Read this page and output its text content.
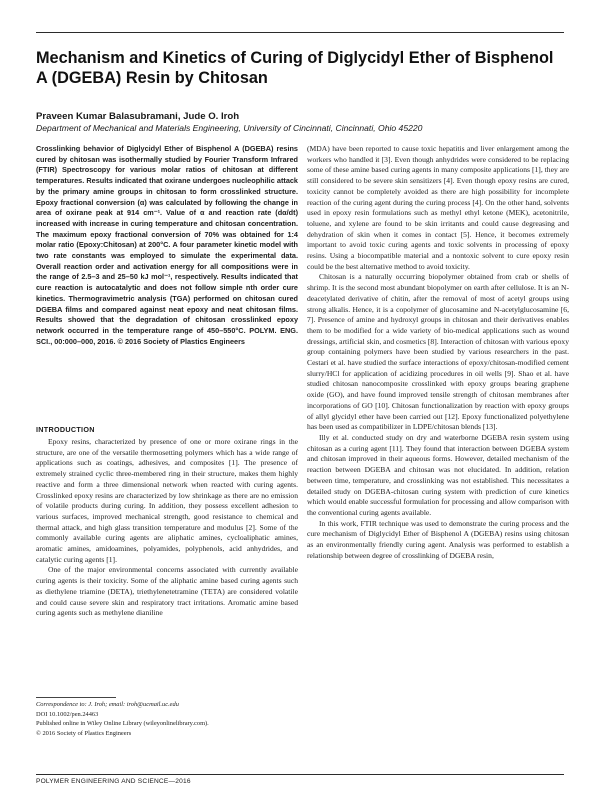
Mechanism and Kinetics of Curing of Diglycidyl Ether of Bisphenol A (DGEBA) Resin by Chitosan

Praveen Kumar Balasubramani, Jude O. Iroh

Department of Mechanical and Materials Engineering, University of Cincinnati, Cincinnati, Ohio 45220

Crosslinking behavior of Diglycidyl Ether of Bisphenol A (DGEBA) resins cured by chitosan was isothermally studied by Fourier Transform Infrared (FTIR) Spectroscopy for various molar ratios of chitosan at different temperatures. Results indicated that oxirane undergoes nucleophilic attack by the primary amine groups in chitosan to form crosslinked structure. Epoxy fractional conversion (α) was calculated by following the change in area of oxirane peak at 914 cm⁻¹. Value of α and reaction rate (dα/dt) increased with increase in curing temperature and chitosan concentration. The maximum epoxy fractional conversion of 70% was obtained for 1:4 molar ratio (Epoxy:Chitosan) at 200°C. A four parameter kinetic model with two rate constants was employed to simulate the experimental data. Overall reaction order and activation energy for all compositions were in the range of 2.5–3 and 25–50 kJ mol⁻¹, respectively. Results indicated that cure reaction is autocatalytic and does not follow simple nth order cure kinetics. Thermogravimetric analysis (TGA) performed on chitosan cured DGEBA films and compared against neat epoxy and neat chitosan films. Results showed that the degradation of chitosan crosslinked epoxy network occurred in the temperature range of 450–550°C. POLYM. ENG. SCI., 00:000–000, 2016. © 2016 Society of Plastics Engineers

INTRODUCTION

Epoxy resins, characterized by presence of one or more oxirane rings in the structure, are one of the versatile thermosetting polymers which has a wide range of applications such as coatings, adhesives, and composites [1]. The presence of extremely strained cyclic three-membered ring in their structure, makes them highly reactive and form a three dimensional network when reacted with curing agents. Crosslinked epoxy resins are characterized by low shrinkage as there are no emission of volatile products during curing. In addition, they possess excellent adhesion to various surfaces, improved mechanical strength, good resistance to chemical and thermal attack, and high glass transition temperature and modulus [2]. Some of the commonly available curing agents are aliphatic amines, cycloaliphatic amines, aromatic amines, amidoamines, polyamides, polyphenols, acid anhydrides, and catalytic curing agents [1].

One of the major environmental concerns associated with currently available curing agents is their toxicity. Some of the aliphatic amine based curing agents such as diethylene triamine (DETA), triethylenetetramine (TETA) are considered volatile and could cause severe skin and respiratory tract irritations. Aromatic amine based curing agents such as methylene dianiline

Correspondence to: J. Iroh; email: iroh@ucmail.uc.edu
DOI 10.1002/pen.24463
Published online in Wiley Online Library (wileyonlinelibrary.com).
© 2016 Society of Plastics Engineers

(MDA) have been reported to cause toxic hepatitis and liver enlargement among the workers who handled it [3]. Even though anhydrides were considered to be replacing some of these amine based curing agents in many composite applications [1], they are still considered to be severe skin sensitizers [4]. Even though epoxy resins are cured, toxicity cannot be completely avoided as there are high possibility for incomplete reaction of the curing agent during the curing process [4]. On the other hand, solvents used in epoxy resin formulations such as methyl ethyl ketone (MEK), acetonitrile, toluene, and xylene are found to be skin irritants and could cause degreasing and dehydration of skin when it comes in contact [5]. Hence, it becomes extremely important to avoid toxic curing agents and toxic solvents in processing of epoxy resins. Using a biocompatible material and a nontoxic solvent to cure epoxy resin could be the best alternative method to avoid toxicity.

Chitosan is a naturally occurring biopolymer obtained from crab or shells of shrimp. It is the second most abundant biopolymer on earth after cellulose. It is an N-deacetylated derivative of chitin, after the removal of most of acetyl groups using strong alkalis. Hence, it is a copolymer of glucosamine and N-acetylglucosamine [6, 7]. Presence of amine and hydroxyl groups in chitosan and their derivatives enables them to be modified for a wide variety of bio-medical applications such as wound dressings, artificial skin, and cosmetics [8]. Interaction of chitosan with various epoxy group containing polymers have been studied by various researchers in the past. Cestari et al. have studied the surface interactions of epoxy/chitosan-modified cement slurry/HCl for application of acidizing procedures in oil wells [9]. Shao et al. have studied chitosan nanocomposite crosslinked with epoxy groups bearing graphene oxide (GO), and have found improved tensile strength of chitosan membranes after incorporations of GO [10]. Chitosan functionalization by reaction with epoxy groups of allyl glycidyl ether have been carried out [12]. Epoxy functionalized polyethylene has been used as compatibilizer in LDPE/chitosan blends [13].

Illy et al. conducted study on dry and waterborne DGEBA resin system using chitosan as a curing agent [11]. They found that interaction between DGEBA system and chitosan improved in their aqueous forms. However, detailed mechanism of the reaction between DGEBA and chitosan was not elucidated. In addition, relation between time, temperature, and crosslinking was not established. This necessitates a detailed study on DGEBA-chitosan curing system with prediction of cure kinetics which would enable successful formulation for processing and allow comparison with the conventional curing agents available.

In this work, FTIR technique was used to demonstrate the curing process and the cure mechanism of Diglycidyl Ether of Bisphenol A (DGEBA) resins using chitosan as an environmentally friendly curing agent. Analysis was performed to establish a relationship between degree of crosslinking of DGEBA resin,

POLYMER ENGINEERING AND SCIENCE—2016
